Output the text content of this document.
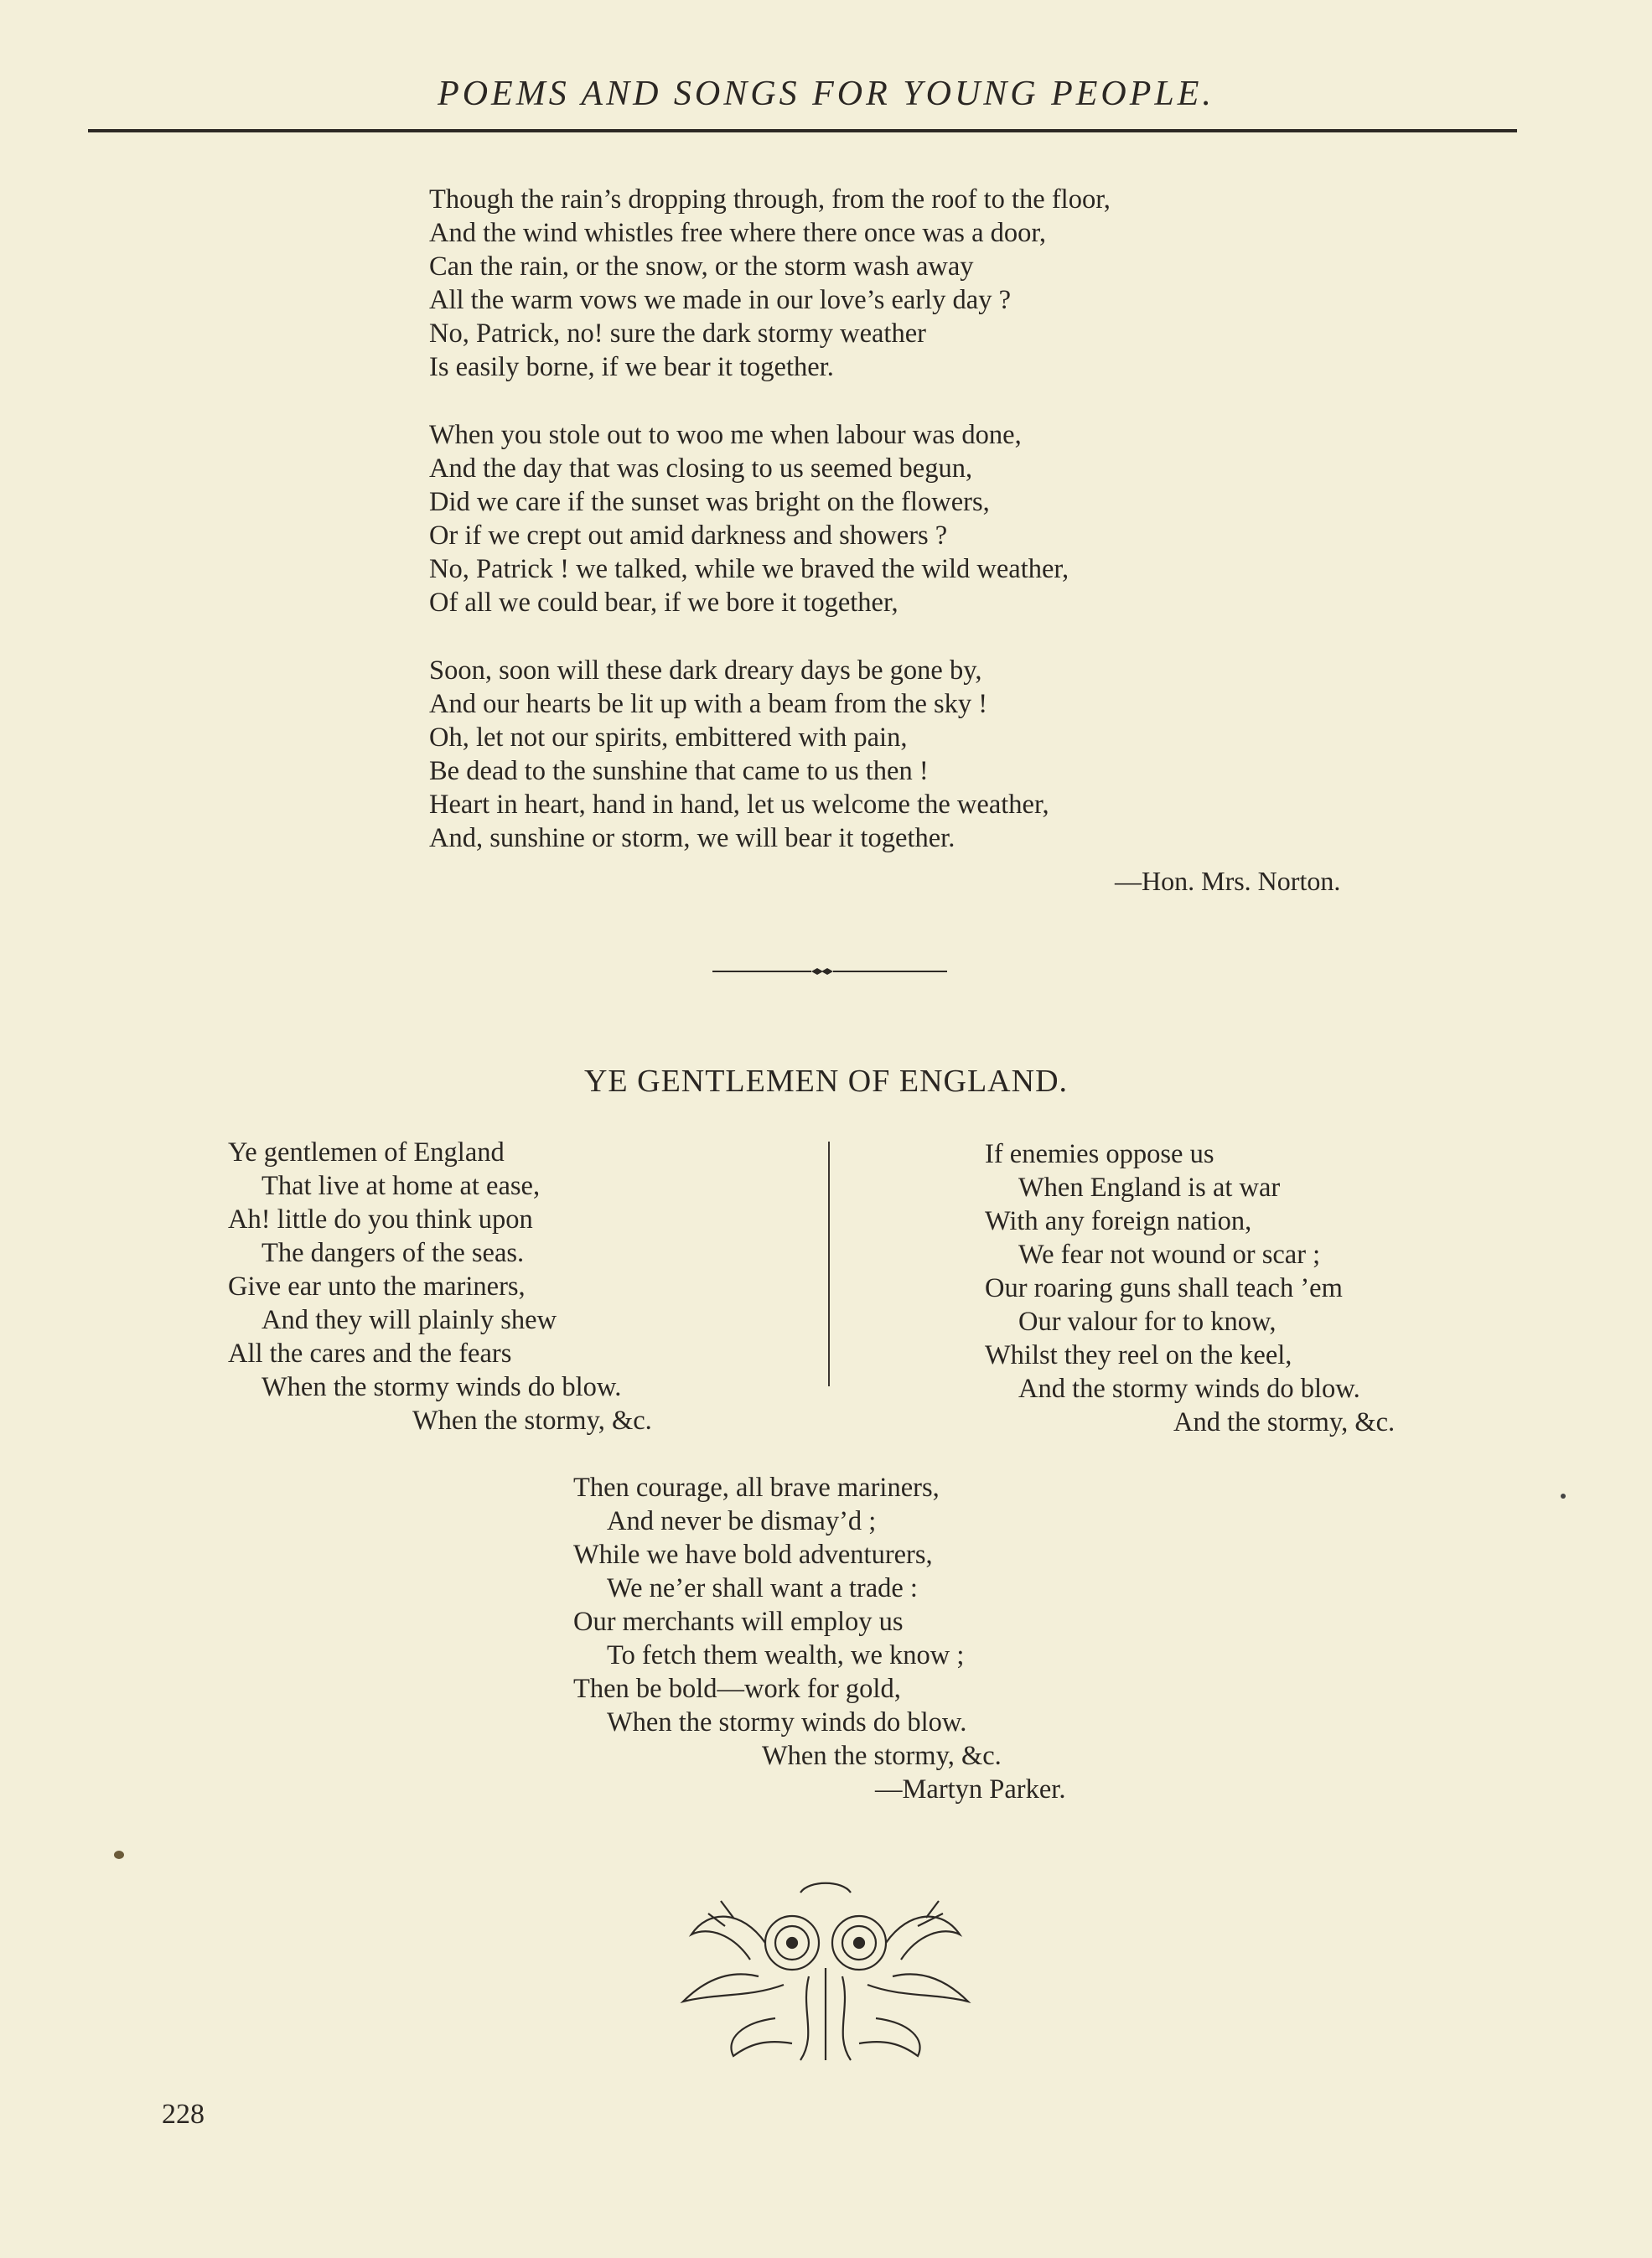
POEMS AND SONGS FOR YOUNG PEOPLE.
Though the rain’s dropping through, from the roof to the floor,
And the wind whistles free where there once was a door,
Can the rain, or the snow, or the storm wash away
All the warm vows we made in our love’s early day ?
No, Patrick, no! sure the dark stormy weather
Is easily borne, if we bear it together.
When you stole out to woo me when labour was done,
And the day that was closing to us seemed begun,
Did we care if the sunset was bright on the flowers,
Or if we crept out amid darkness and showers ?
No, Patrick ! we talked, while we braved the wild weather,
Of all we could bear, if we bore it together,
Soon, soon will these dark dreary days be gone by,
And our hearts be lit up with a beam from the sky !
Oh, let not our spirits, embittered with pain,
Be dead to the sunshine that came to us then !
Heart in heart, hand in hand, let us welcome the weather,
And, sunshine or storm, we will bear it together.
—Hon. Mrs. Norton.
YE GENTLEMEN OF ENGLAND.
Ye gentlemen of England
That live at home at ease,
Ah! little do you think upon
The dangers of the seas.
Give ear unto the mariners,
And they will plainly shew
All the cares and the fears
When the stormy winds do blow.
When the stormy, &c.
If enemies oppose us
When England is at war
With any foreign nation,
We fear not wound or scar ;
Our roaring guns shall teach ’em
Our valour for to know,
Whilst they reel on the keel,
And the stormy winds do blow.
And the stormy, &c.
Then courage, all brave mariners,
And never be dismay’d ;
While we have bold adventurers,
We ne’er shall want a trade :
Our merchants will employ us
To fetch them wealth, we know ;
Then be bold—work for gold,
When the stormy winds do blow.
When the stormy, &c.
—Martyn Parker.
228
